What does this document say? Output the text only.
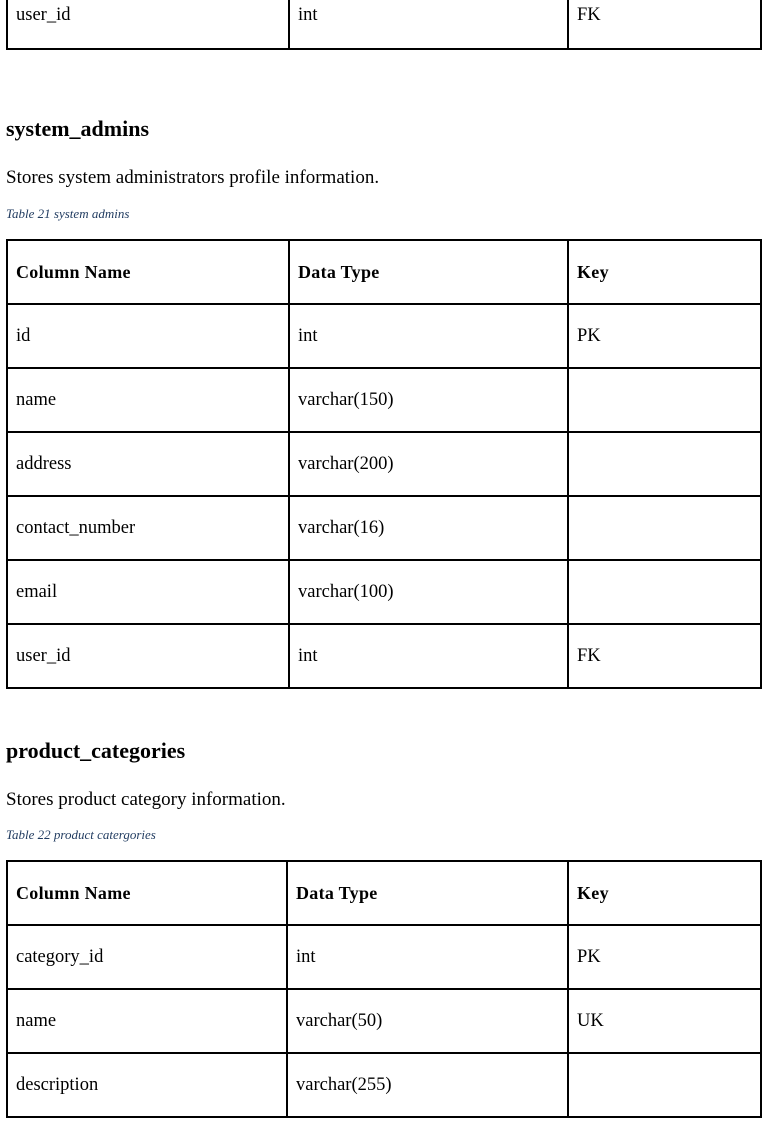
user_id	int	FK
system_admins

Stores system administrators profile information.

Table 21 system admins

Column Name	Data Type	Key
id	int	PK
name	varchar(150)	
address	varchar(200)	
contact_number	varchar(16)	
email	varchar(100)	
user_id	int	FK
product_categories

Stores product category information.

Table 22 product catergories

Column Name	Data Type	Key
category_id	int	PK
name	varchar(50)	UK
description	varchar(255)	
